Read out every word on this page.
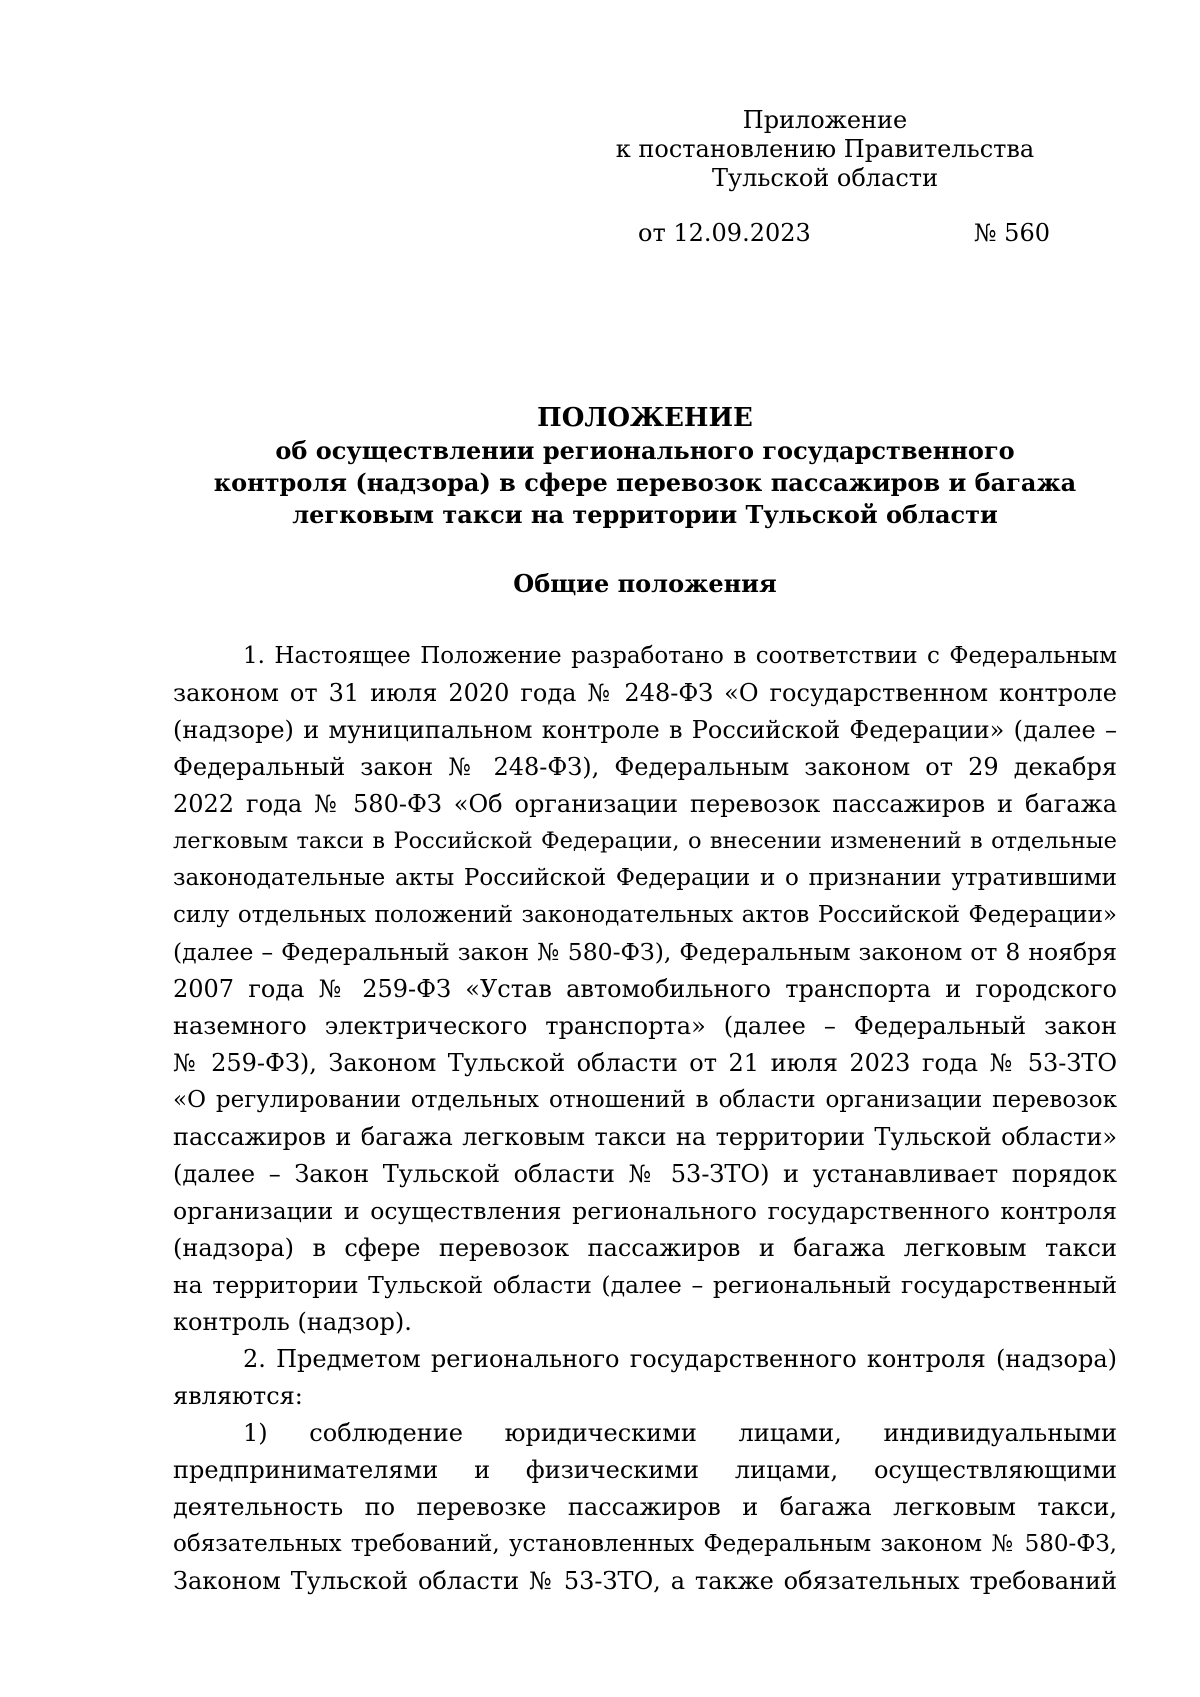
Приложение
к постановлению Правительства
Тульской области
от 12.09.2023	№ 560
ПОЛОЖЕНИЕ
об осуществлении регионального государственного
контроля (надзора) в сфере перевозок пассажиров и багажа
легковым такси на территории Тульской области
Общие положения
1. Настоящее Положение разработано в соответствии с Федеральным
законом от 31 июля 2020 года № 248-ФЗ «О государственном контроле
(надзоре) и муниципальном контроле в Российской Федерации» (далее –
Федеральный закон № 248-ФЗ), Федеральным законом от 29 декабря
2022 года № 580-ФЗ «Об организации перевозок пассажиров и багажа
легковым такси в Российской Федерации, о внесении изменений в отдельные
законодательные акты Российской Федерации и о признании утратившими
силу отдельных положений законодательных актов Российской Федерации»
(далее – Федеральный закон № 580-ФЗ), Федеральным законом от 8 ноября
2007 года № 259-ФЗ «Устав автомобильного транспорта и городского
наземного электрического транспорта» (далее – Федеральный закон
№ 259-ФЗ), Законом Тульской области от 21 июля 2023 года № 53-ЗТО
«О регулировании отдельных отношений в области организации перевозок
пассажиров и багажа легковым такси на территории Тульской области»
(далее – Закон Тульской области № 53-ЗТО) и устанавливает порядок
организации и осуществления регионального государственного контроля
(надзора) в сфере перевозок пассажиров и багажа легковым такси
на территории Тульской области (далее – региональный государственный
контроль (надзор).
2. Предметом регионального государственного контроля (надзора)
являются:
1) соблюдение юридическими лицами, индивидуальными
предпринимателями и физическими лицами, осуществляющими
деятельность по перевозке пассажиров и багажа легковым такси,
обязательных требований, установленных Федеральным законом № 580-ФЗ,
Законом Тульской области № 53-ЗТО, а также обязательных требований
